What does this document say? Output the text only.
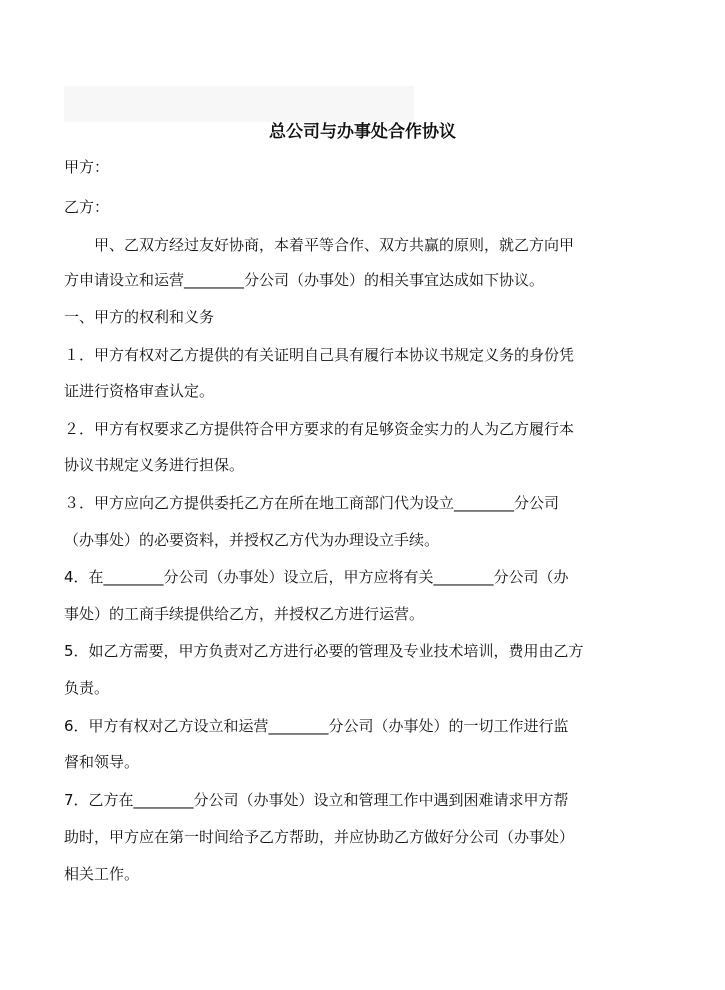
总公司与办事处合作协议
甲方：
乙方：
甲、乙双方经过友好协商，本着平等合作、双方共赢的原则，就乙方向甲
方申请设立和运营________分公司（办事处）的相关事宜达成如下协议。
一、甲方的权利和义务
１．甲方有权对乙方提供的有关证明自己具有履行本协议书规定义务的身份凭
证进行资格审查认定。
２．甲方有权要求乙方提供符合甲方要求的有足够资金实力的人为乙方履行本
协议书规定义务进行担保。
３．甲方应向乙方提供委托乙方在所在地工商部门代为设立________分公司
（办事处）的必要资料，并授权乙方代为办理设立手续。
4．在________分公司（办事处）设立后，甲方应将有关________分公司（办
事处）的工商手续提供给乙方，并授权乙方进行运营。
5．如乙方需要，甲方负责对乙方进行必要的管理及专业技术培训，费用由乙方
负责。
6．甲方有权对乙方设立和运营________分公司（办事处）的一切工作进行监
督和领导。
7．乙方在________分公司（办事处）设立和管理工作中遇到困难请求甲方帮
助时，甲方应在第一时间给予乙方帮助，并应协助乙方做好分公司（办事处）
相关工作。
